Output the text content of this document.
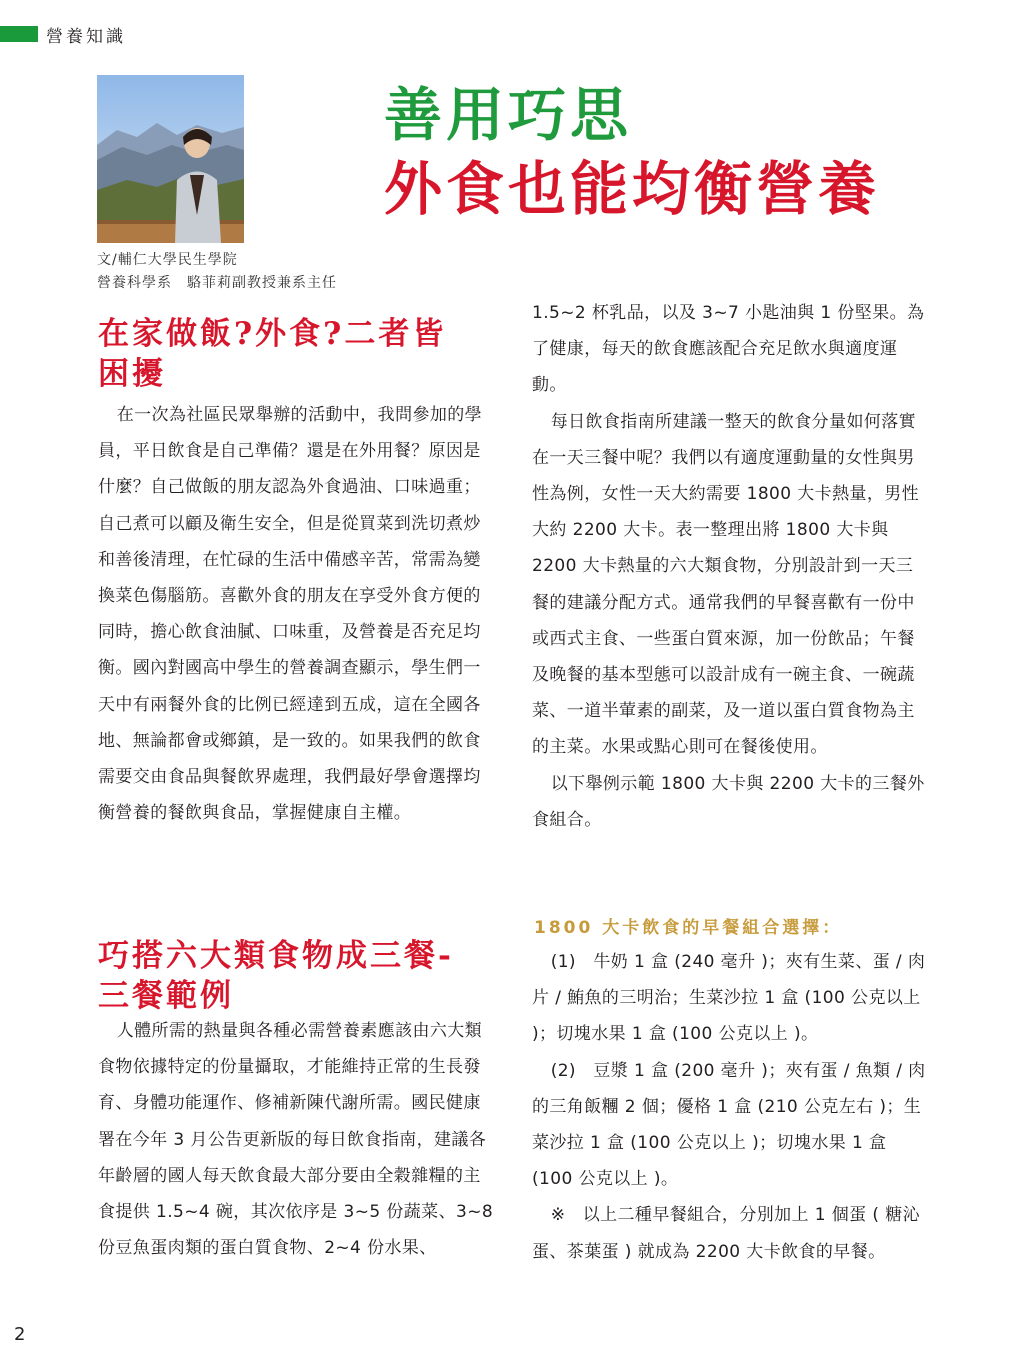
營養知識
文/輔仁大學民生學院
營養科學系　駱菲莉副教授兼系主任
善用巧思
外食也能均衡營養
在家做飯?外食?二者皆
困擾

在一次為社區民眾舉辦的活動中，我問參加的學員，平日飲食是自己準備？還是在外用餐？原因是什麼？自己做飯的朋友認為外食過油、口味過重；自己煮可以顧及衛生安全，但是從買菜到洗切煮炒和善後清理，在忙碌的生活中備感辛苦，常需為變換菜色傷腦筋。喜歡外食的朋友在享受外食方便的同時，擔心飲食油膩、口味重，及營養是否充足均衡。國內對國高中學生的營養調查顯示，學生們一天中有兩餐外食的比例已經達到五成，這在全國各地、無論都會或鄉鎮，是一致的。如果我們的飲食需要交由食品與餐飲界處理，我們最好學會選擇均衡營養的餐飲與食品，掌握健康自主權。

巧搭六大類食物成三餐-
三餐範例

人體所需的熱量與各種必需營養素應該由六大類食物依據特定的份量攝取，才能維持正常的生長發育、身體功能運作、修補新陳代謝所需。國民健康署在今年 3 月公告更新版的每日飲食指南，建議各年齡層的國人每天飲食最大部分要由全穀雜糧的主食提供 1.5~4 碗，其次依序是 3~5 份蔬菜、3~8 份豆魚蛋肉類的蛋白質食物、2~4 份水果、

1.5~2 杯乳品，以及 3~7 小匙油與 1 份堅果。為了健康，每天的飲食應該配合充足飲水與適度運動。

每日飲食指南所建議一整天的飲食分量如何落實在一天三餐中呢？我們以有適度運動量的女性與男性為例，女性一天大約需要 1800 大卡熱量，男性大約 2200 大卡。表一整理出將 1800 大卡與 2200 大卡熱量的六大類食物，分別設計到一天三餐的建議分配方式。通常我們的早餐喜歡有一份中或西式主食、一些蛋白質來源，加一份飲品；午餐及晚餐的基本型態可以設計成有一碗主食、一碗蔬菜、一道半葷素的副菜，及一道以蛋白質食物為主的主菜。水果或點心則可在餐後使用。

以下舉例示範 1800 大卡與 2200 大卡的三餐外食組合。

1800 大卡飲食的早餐組合選擇：

(1)　牛奶 1 盒 (240 毫升 )；夾有生菜、蛋 / 肉片 / 鮪魚的三明治；生菜沙拉 1 盒 (100 公克以上 )；切塊水果 1 盒 (100 公克以上 )。

(2)　豆漿 1 盒 (200 毫升 )；夾有蛋 / 魚類 / 肉的三角飯糰 2 個；優格 1 盒 (210 公克左右 )；生菜沙拉 1 盒 (100 公克以上 )；切塊水果 1 盒 (100 公克以上 )。

※　以上二種早餐組合，分別加上 1 個蛋 ( 糖沁蛋、茶葉蛋 ) 就成為 2200 大卡飲食的早餐。

2
